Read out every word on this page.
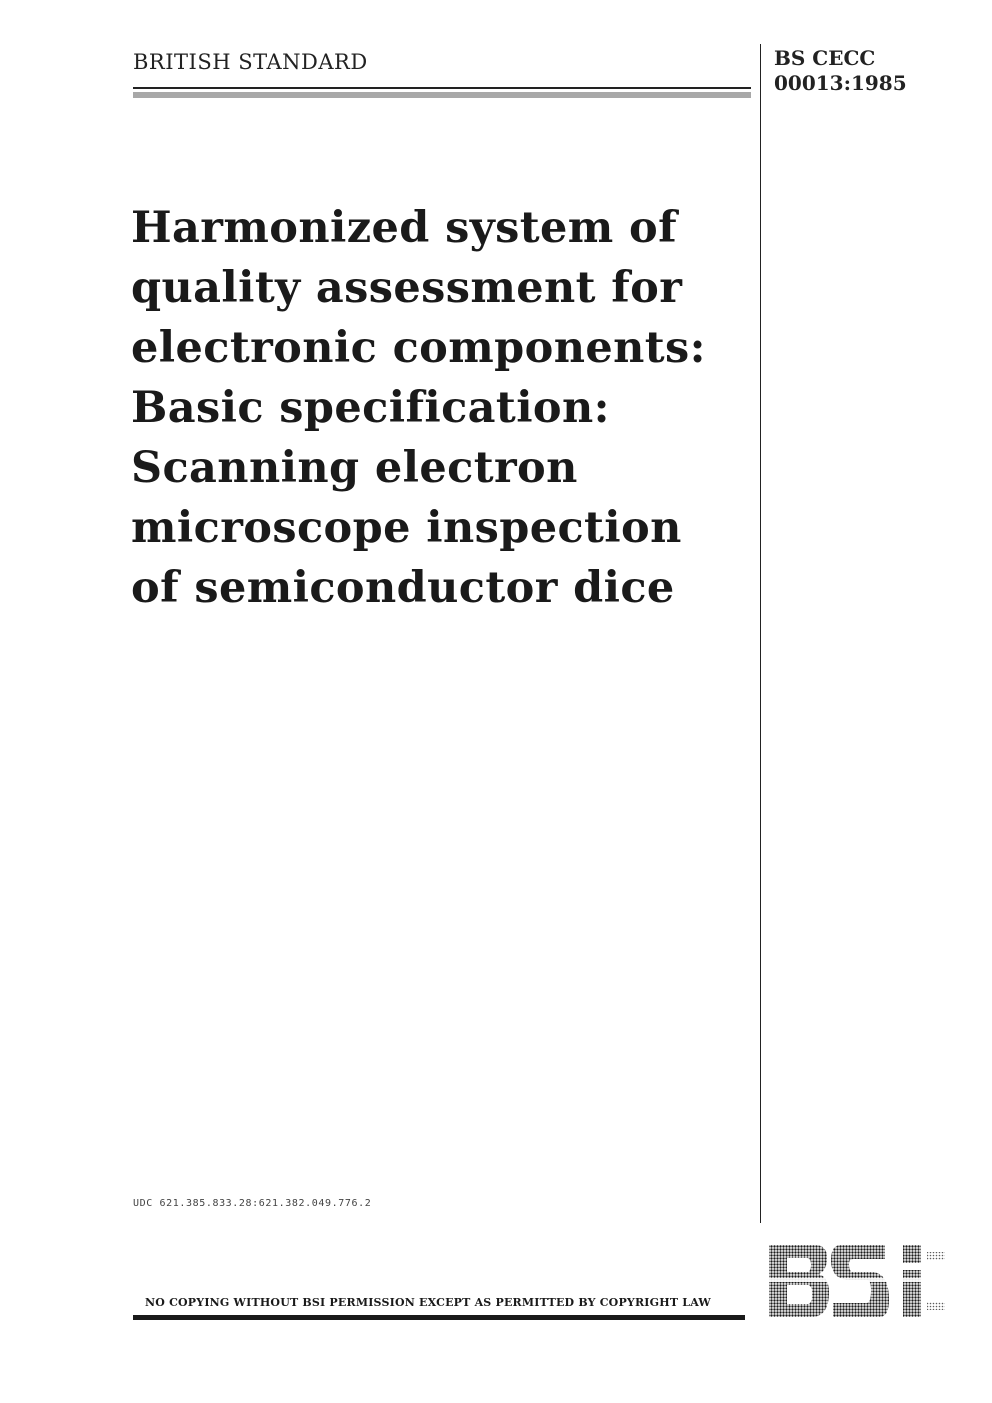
BRITISH STANDARD	BS CECC
00013:1985
Harmonized system of
quality assessment for
electronic components:
Basic specification:
Scanning electron
microscope inspection
of semiconductor dice
UDC 621.385.833.28:621.382.049.776.2
NO COPYING WITHOUT BSI PERMISSION EXCEPT AS PERMITTED BY COPYRIGHT LAW
